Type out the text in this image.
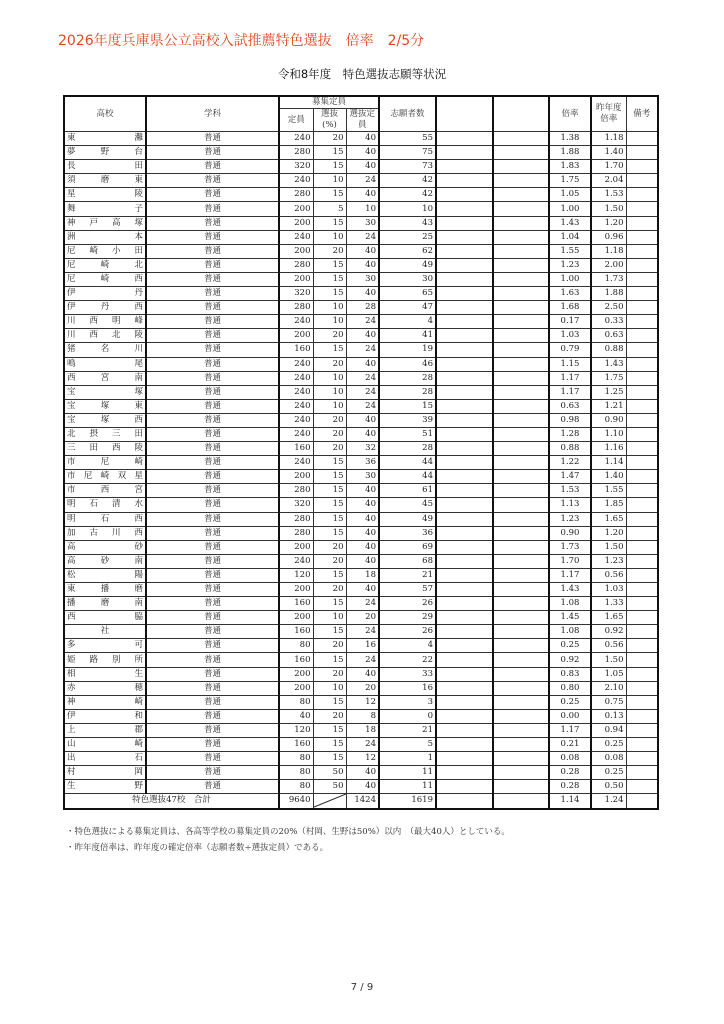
2026年度兵庫県公立高校入試推薦特色選抜　倍率　2/5分
令和8年度　特色選抜志願等状況
高校	学科	募集定員			志願者数			倍率	昨年度倍率	備考
		定員	選抜(%)	選抜定員						
東灘	普通	240	20	40	55			1.38	1.18	
夢野台	普通	280	15	40	75			1.88	1.40	
長田	普通	320	15	40	73			1.83	1.70	
須磨東	普通	240	10	24	42			1.75	2.04	
星陵	普通	280	15	40	42			1.05	1.53	
舞子	普通	200	5	10	10			1.00	1.50	
神戸高塚	普通	200	15	30	43			1.43	1.20	
洲本	普通	240	10	24	25			1.04	0.96	
尼崎小田	普通	200	20	40	62			1.55	1.18	
尼崎北	普通	280	15	40	49			1.23	2.00	
尼崎西	普通	200	15	30	30			1.00	1.73	
伊丹	普通	320	15	40	65			1.63	1.88	
伊丹西	普通	280	10	28	47			1.68	2.50	
川西明峰	普通	240	10	24	4			0.17	0.33	
川西北陵	普通	200	20	40	41			1.03	0.63	
猪名川	普通	160	15	24	19			0.79	0.88	
鳴尾	普通	240	20	40	46			1.15	1.43	
西宮南	普通	240	10	24	28			1.17	1.75	
宝塚	普通	240	10	24	28			1.17	1.25	
宝塚東	普通	240	10	24	15			0.63	1.21	
宝塚西	普通	240	20	40	39			0.98	0.90	
北摂三田	普通	240	20	40	51			1.28	1.10	
三田西陵	普通	160	20	32	28			0.88	1.16	
市尼崎	普通	240	15	36	44			1.22	1.14	
市尼崎双星	普通	200	15	30	44			1.47	1.40	
市西宮	普通	280	15	40	61			1.53	1.55	
明石清水	普通	320	15	40	45			1.13	1.85	
明石西	普通	280	15	40	49			1.23	1.65	
加古川西	普通	280	15	40	36			0.90	1.20	
高砂	普通	200	20	40	69			1.73	1.50	
高砂南	普通	240	20	40	68			1.70	1.23	
松陽	普通	120	15	18	21			1.17	0.56	
東播磨	普通	200	20	40	57			1.43	1.03	
播磨南	普通	160	15	24	26			1.08	1.33	
西脇	普通	200	10	20	29			1.45	1.65	
社	普通	160	15	24	26			1.08	0.92	
多可	普通	80	20	16	4			0.25	0.56	
姫路別所	普通	160	15	24	22			0.92	1.50	
相生	普通	200	20	40	33			0.83	1.05	
赤穂	普通	200	10	20	16			0.80	2.10	
神崎	普通	80	15	12	3			0.25	0.75	
伊和	普通	40	20	8	0			0.00	0.13	
上郡	普通	120	15	18	21			1.17	0.94	
山崎	普通	160	15	24	5			0.21	0.25	
出石	普通	80	15	12	1			0.08	0.08	
村岡	普通	80	50	40	11			0.28	0.25	
生野	普通	80	50	40	11			0.28	0.50	
特色選抜47校　合計		9640		1424	1619			1.14	1.24	
・特色選抜による募集定員は、各高等学校の募集定員の20%（村岡、生野は50%）以内　（最大40人）としている。
・昨年度倍率は、昨年度の確定倍率（志願者数÷選抜定員）である。
7 / 9
